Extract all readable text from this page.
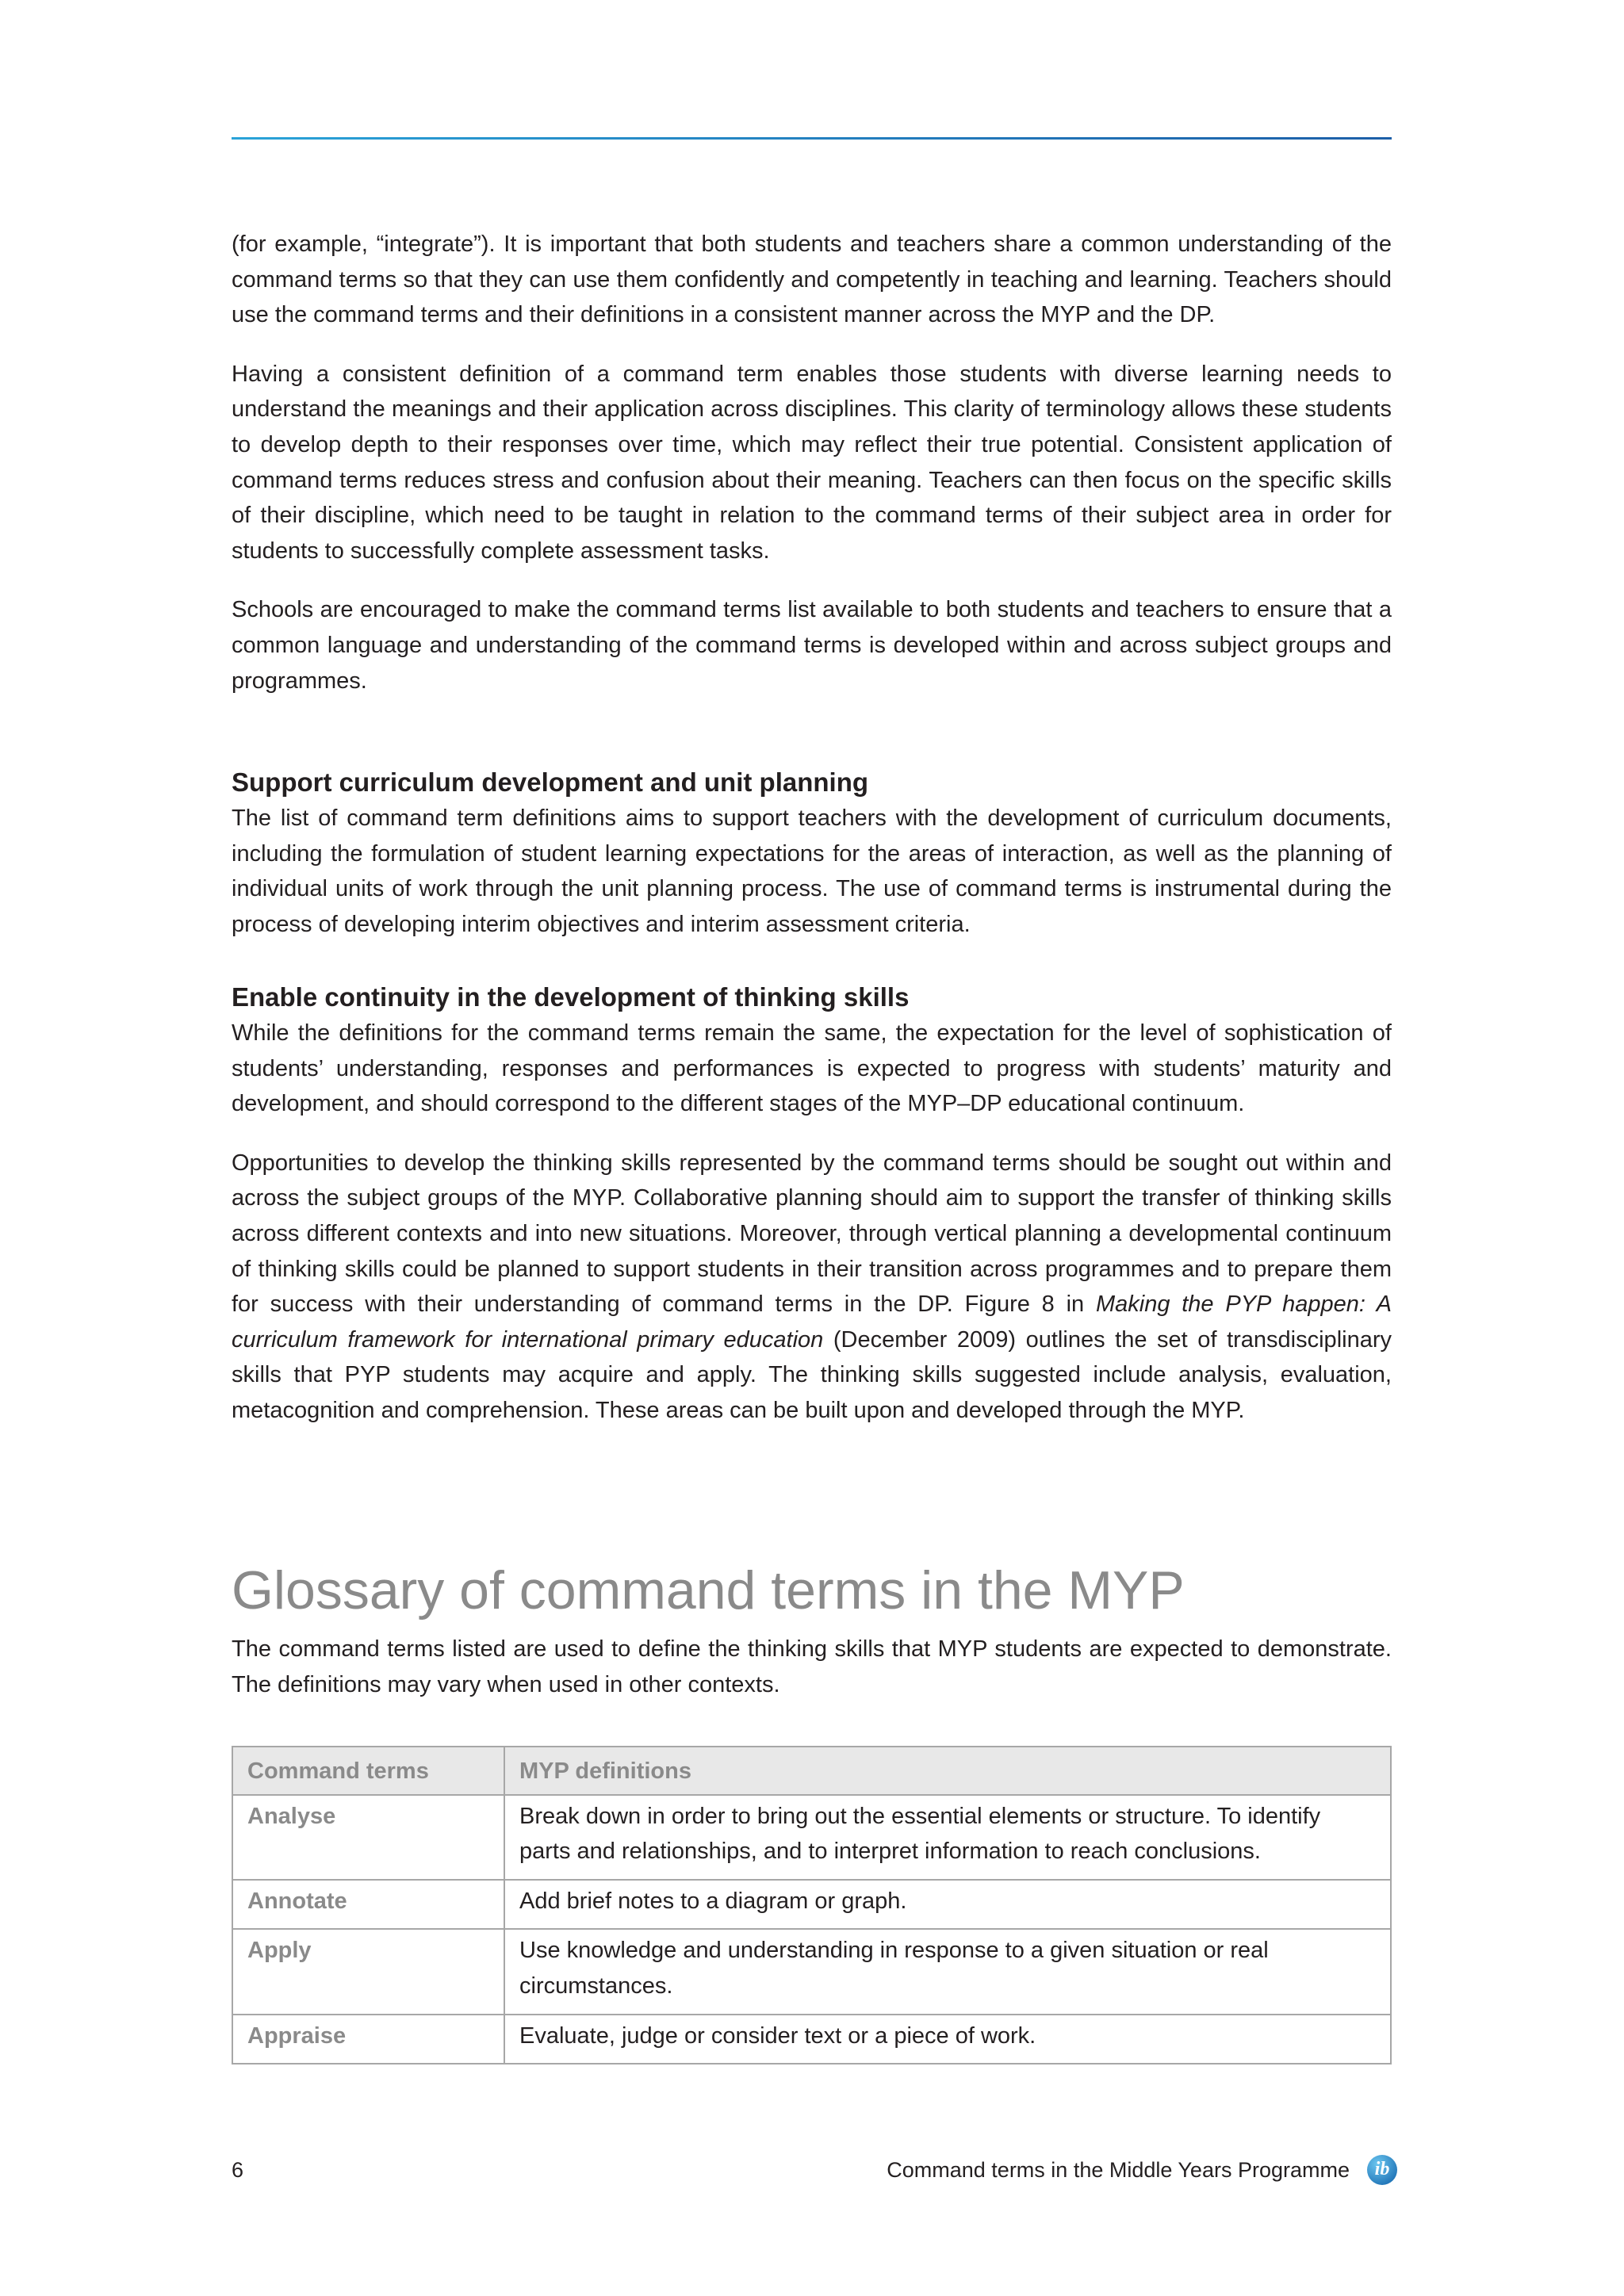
(for example, “integrate”). It is important that both students and teachers share a common understanding of the command terms so that they can use them confidently and competently in teaching and learning. Teachers should use the command terms and their definitions in a consistent manner across the MYP and the DP.

Having a consistent definition of a command term enables those students with diverse learning needs to understand the meanings and their application across disciplines. This clarity of terminology allows these students to develop depth to their responses over time, which may reflect their true potential. Consistent application of command terms reduces stress and confusion about their meaning. Teachers can then focus on the specific skills of their discipline, which need to be taught in relation to the command terms of their subject area in order for students to successfully complete assessment tasks.

Schools are encouraged to make the command terms list available to both students and teachers to ensure that a common language and understanding of the command terms is developed within and across subject groups and programmes.

Support curriculum development and unit planning

The list of command term definitions aims to support teachers with the development of curriculum documents, including the formulation of student learning expectations for the areas of interaction, as well as the planning of individual units of work through the unit planning process. The use of command terms is instrumental during the process of developing interim objectives and interim assessment criteria.

Enable continuity in the development of thinking skills

While the definitions for the command terms remain the same, the expectation for the level of sophistication of students’ understanding, responses and performances is expected to progress with students’ maturity and development, and should correspond to the different stages of the MYP–DP educational continuum.

Opportunities to develop the thinking skills represented by the command terms should be sought out within and across the subject groups of the MYP. Collaborative planning should aim to support the transfer of thinking skills across different contexts and into new situations. Moreover, through vertical planning a developmental continuum of thinking skills could be planned to support students in their transition across programmes and to prepare them for success with their understanding of command terms in the DP. Figure 8 in Making the PYP happen: A curriculum framework for international primary education (December 2009) outlines the set of transdisciplinary skills that PYP students may acquire and apply. The thinking skills suggested include analysis, evaluation, metacognition and comprehension. These areas can be built upon and developed through the MYP.

Glossary of command terms in the MYP

The command terms listed are used to define the thinking skills that MYP students are expected to demonstrate. The definitions may vary when used in other contexts.

Command terms	MYP definitions
Analyse	Break down in order to bring out the essential elements or structure. To identify parts and relationships, and to interpret information to reach conclusions.
Annotate	Add brief notes to a diagram or graph.
Apply	Use knowledge and understanding in response to a given situation or real circumstances.
Appraise	Evaluate, judge or consider text or a piece of work.
6	Command terms in the Middle Years Programme	ib
